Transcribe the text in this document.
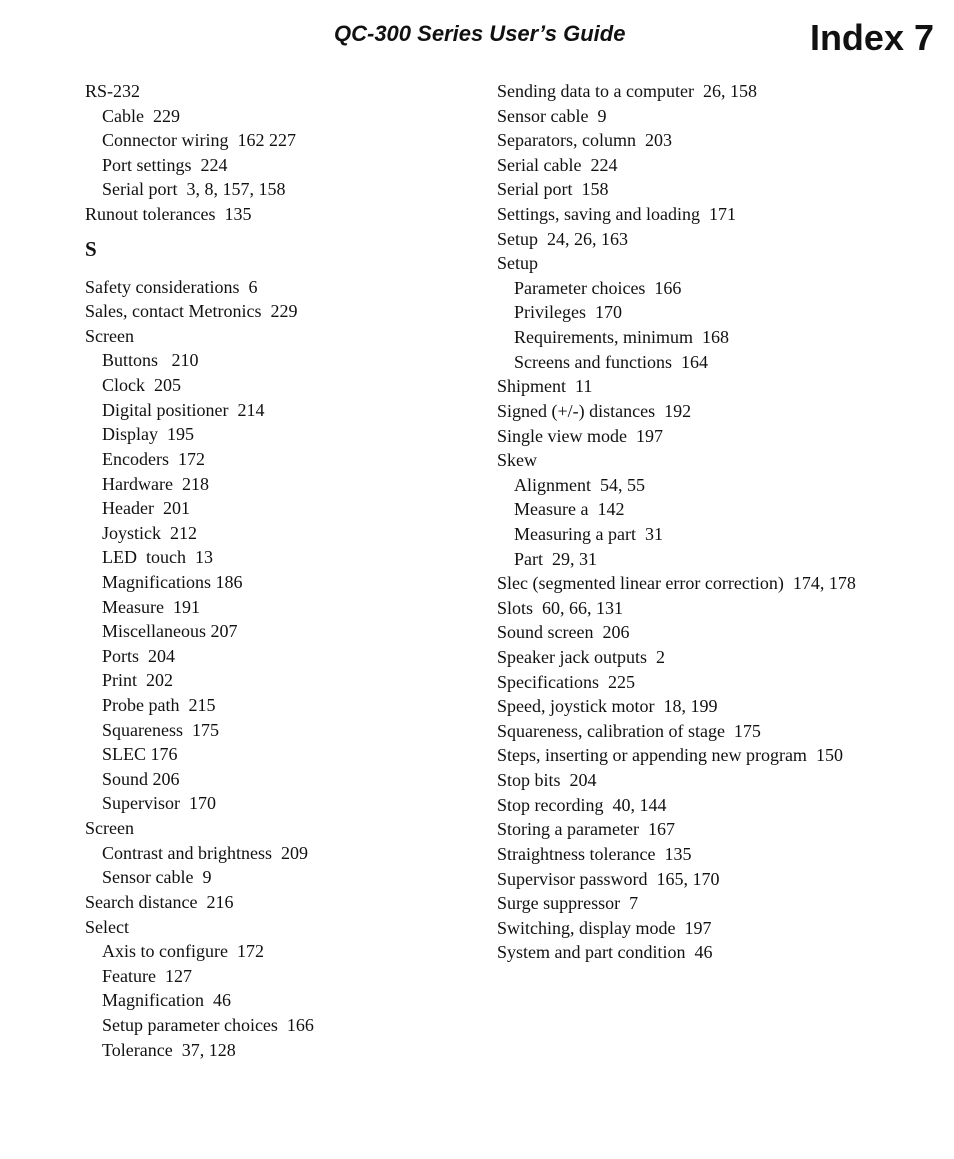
QC-300 Series User’s Guide	Index 7
RS-232
Cable  229
Connector wiring  162 227
Port settings  224
Serial port  3, 8, 157, 158
Runout tolerances  135
S
Safety considerations  6
Sales, contact Metronics  229
Screen
Buttons   210
Clock  205
Digital positioner  214
Display  195
Encoders  172
Hardware  218
Header  201
Joystick  212
LED  touch  13
Magnifications 186
Measure  191
Miscellaneous 207
Ports  204
Print  202
Probe path  215
Squareness  175
SLEC 176
Sound 206
Supervisor  170
Screen
Contrast and brightness  209
Sensor cable  9
Search distance  216
Select
Axis to configure  172
Feature  127
Magnification  46
Setup parameter choices  166
Tolerance  37, 128
Sending data to a computer  26, 158
Sensor cable  9
Separators, column  203
Serial cable  224
Serial port  158
Settings, saving and loading  171
Setup  24, 26, 163
Setup
Parameter choices  166
Privileges  170
Requirements, minimum  168
Screens and functions  164
Shipment  11
Signed (+/-) distances  192
Single view mode  197
Skew
Alignment  54, 55
Measure a  142
Measuring a part  31
Part  29, 31
Slec (segmented linear error correction)  174, 178
Slots  60, 66, 131
Sound screen  206
Speaker jack outputs  2
Specifications  225
Speed, joystick motor  18, 199
Squareness, calibration of stage  175
Steps, inserting or appending new program  150
Stop bits  204
Stop recording  40, 144
Storing a parameter  167
Straightness tolerance  135
Supervisor password  165, 170
Surge suppressor  7
Switching, display mode  197
System and part condition  46
